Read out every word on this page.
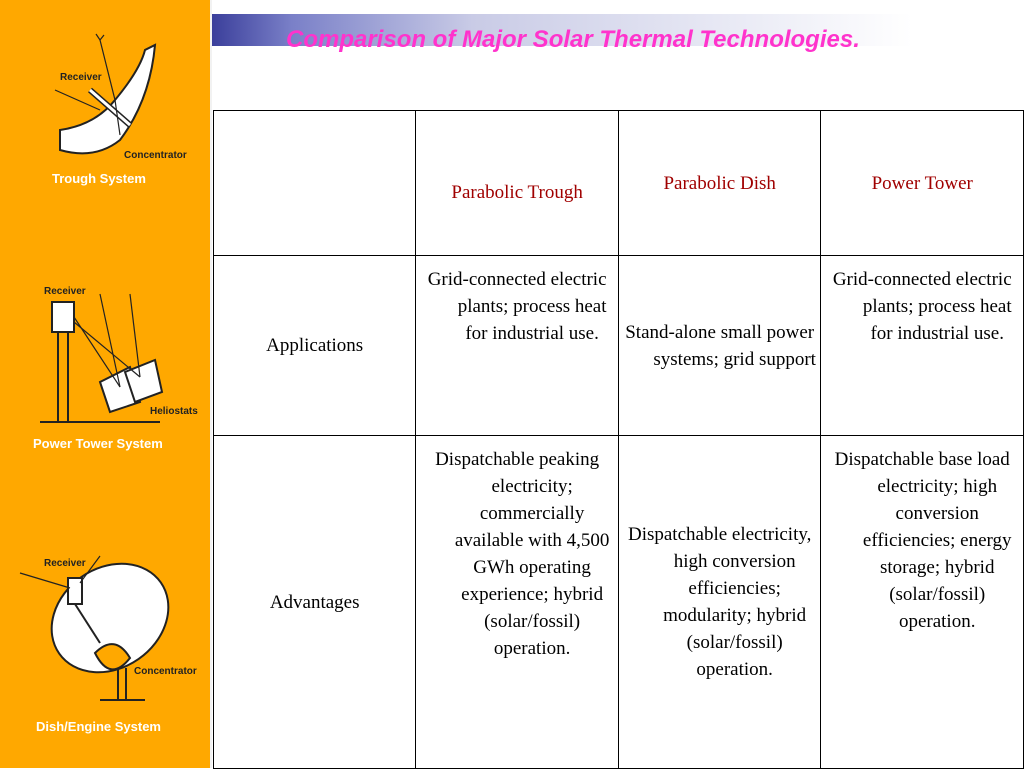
Receiver
Concentrator
Trough System
Receiver
Heliostats
Power Tower System
Receiver
Concentrator
Dish/Engine System
Comparison of Major Solar Thermal Technologies.
	Parabolic Trough	Parabolic Dish	Power Tower
Applications	Grid-connected electric plants; process heat for industrial use.	Stand-alone small power systems; grid support	Grid-connected electric plants; process heat for industrial use.
Advantages	Dispatchable peaking electricity; commercially available with 4,500 GWh operating experience; hybrid (solar/fossil) operation.	Dispatchable electricity, high conversion efficiencies; modularity; hybrid (solar/fossil) operation.	Dispatchable base load electricity; high conversion efficiencies; energy storage; hybrid (solar/fossil) operation.
